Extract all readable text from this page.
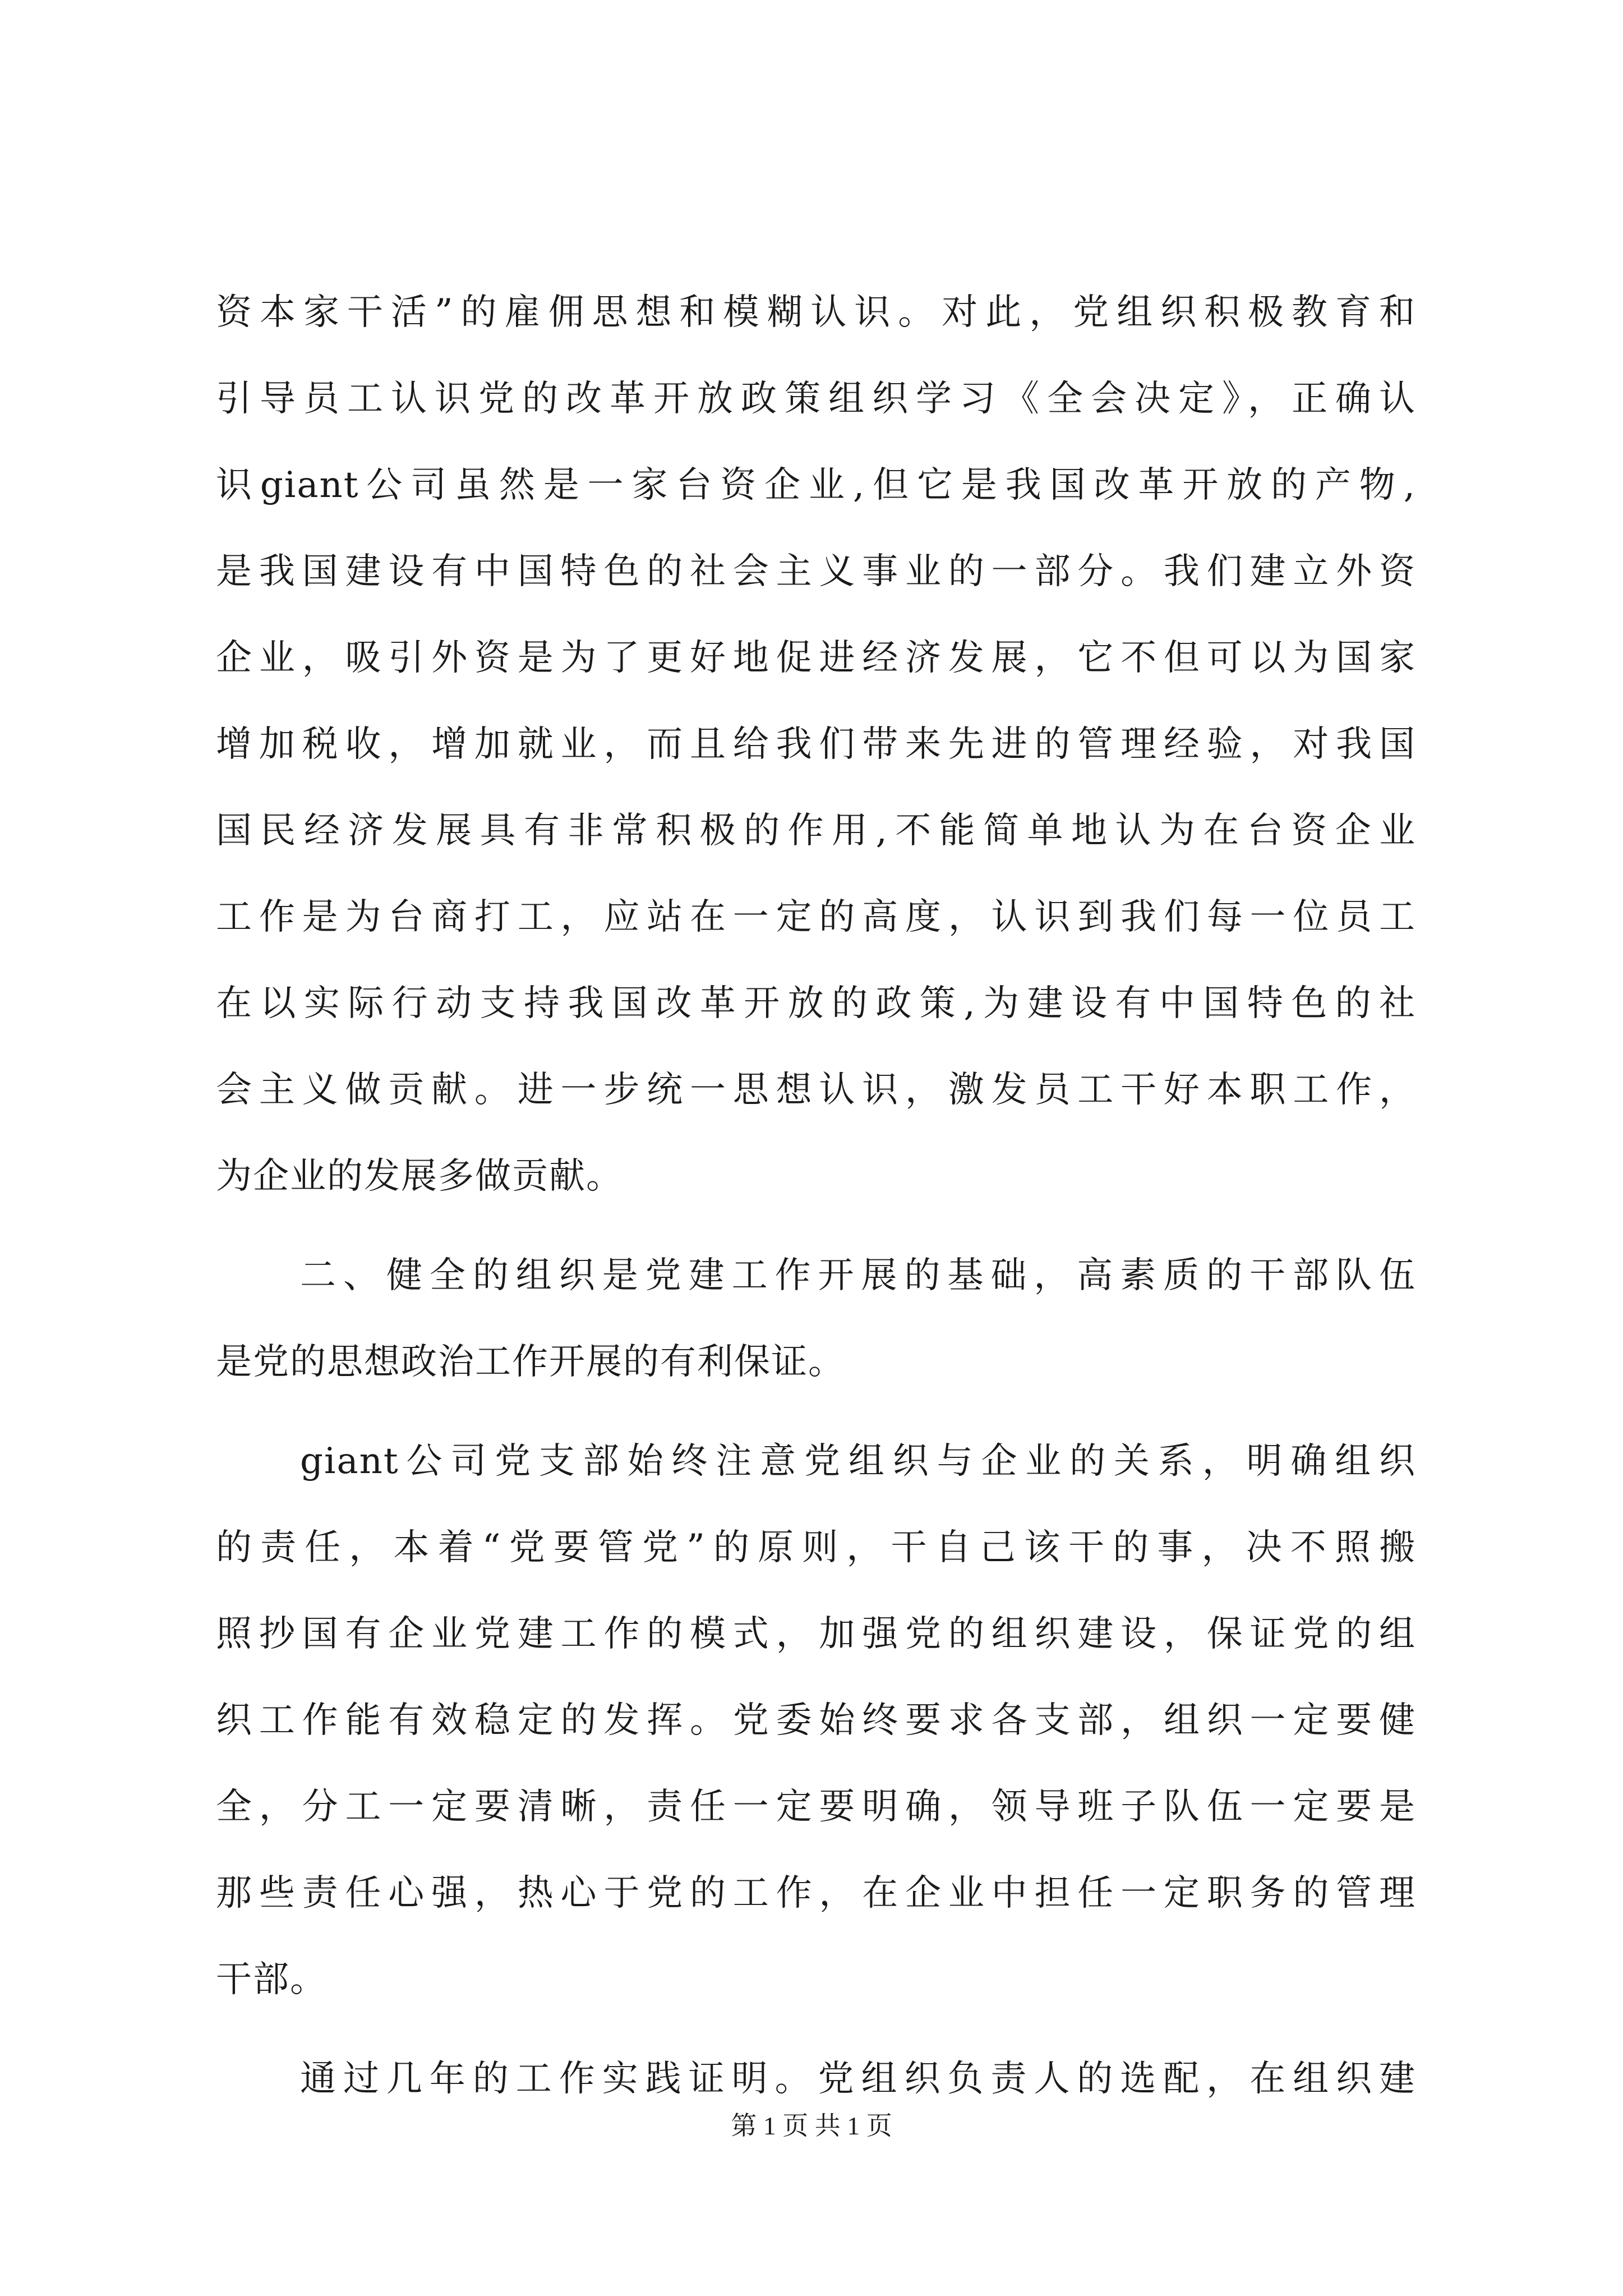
资本家干活”的雇佣思想和模糊认识。对此，党组织积极教育和
引导员工认识党的改革开放政策组织学习《全会决定》，正确认
识giant公司虽然是一家台资企业,但它是我国改革开放的产物,
是我国建设有中国特色的社会主义事业的一部分。我们建立外资
企业，吸引外资是为了更好地促进经济发展，它不但可以为国家
增加税收，增加就业，而且给我们带来先进的管理经验，对我国
国民经济发展具有非常积极的作用,不能简单地认为在台资企业
工作是为台商打工，应站在一定的高度，认识到我们每一位员工
在以实际行动支持我国改革开放的政策,为建设有中国特色的社
会主义做贡献。进一步统一思想认识，激发员工干好本职工作，
为企业的发展多做贡献。
二、健全的组织是党建工作开展的基础，高素质的干部队伍
是党的思想政治工作开展的有利保证。
giant公司党支部始终注意党组织与企业的关系，明确组织
的责任，本着“党要管党”的原则，干自己该干的事，决不照搬
照抄国有企业党建工作的模式，加强党的组织建设，保证党的组
织工作能有效稳定的发挥。党委始终要求各支部，组织一定要健
全，分工一定要清晰，责任一定要明确，领导班子队伍一定要是
那些责任心强，热心于党的工作，在企业中担任一定职务的管理
干部。
通过几年的工作实践证明。党组织负责人的选配，在组织建
第 1 页 共 1 页
